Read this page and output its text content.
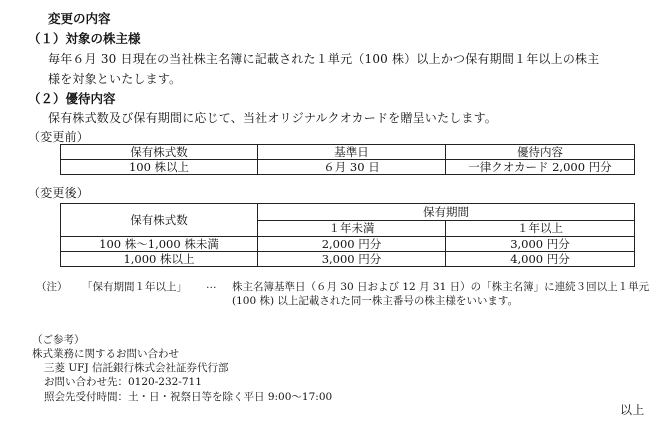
変更の内容
（１）対象の株主様
毎年６月 30 日現在の当社株主名簿に記載された１単元（100 株）以上かつ保有期間１年以上の株主
様を対象といたします。
（２）優待内容
保有株式数及び保有期間に応じて、当社オリジナルクオカードを贈呈いたします。
（変更前）
保有株式数	基準日	優待内容
100 株以上	６月 30 日	一律クオカード 2,000 円分
（変更後）
保有株式数	保有期間	
	１年未満	１年以上
100 株～1,000 株未満	2,000 円分	3,000 円分
1,000 株以上	3,000 円分	4,000 円分
（注） 「保有期間１年以上」 … 株主名簿基準日（６月 30 日および 12 月 31 日）の「株主名簿」に連続３回以上１単元
(100 株) 以上記載された同一株主番号の株主様をいいます。
（ご参考）
株式業務に関するお問い合わせ
三菱 UFJ 信託銀行株式会社証券代行部
お問い合わせ先：0120-232-711
照会先受付時間：土・日・祝祭日等を除く平日 9:00～17:00
以上
